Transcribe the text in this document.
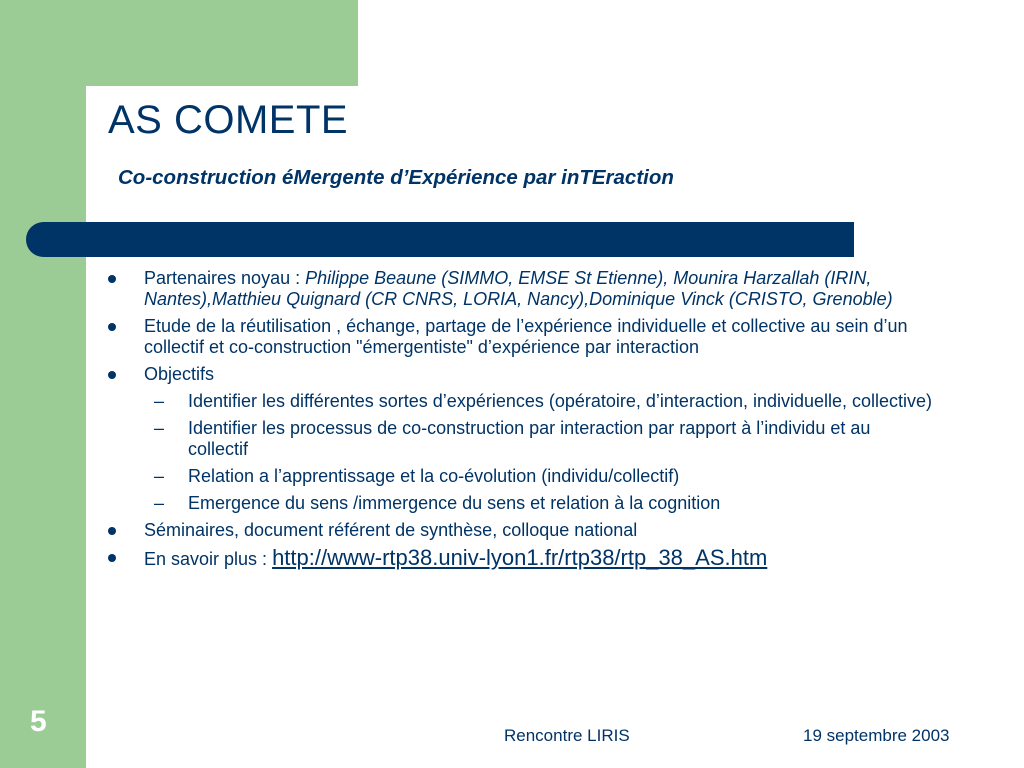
AS COMETE
Co-construction éMergente d’Expérience par inTEraction
Partenaires noyau : Philippe Beaune (SIMMO, EMSE St Etienne), Mounira Harzallah (IRIN, Nantes),Matthieu Quignard (CR CNRS, LORIA, Nancy),Dominique Vinck (CRISTO, Grenoble)
Etude de la réutilisation , échange, partage de l’expérience individuelle et collective au sein d’un collectif et co-construction "émergentiste" d’expérience par interaction
Objectifs
– Identifier les différentes sortes d’expériences (opératoire, d’interaction, individuelle, collective)
– Identifier les processus de co-construction par interaction par rapport à l’individu et au collectif
– Relation a l’apprentissage et la co-évolution (individu/collectif)
– Emergence du sens /immergence du sens et relation à la cognition
Séminaires, document référent de synthèse, colloque national
En savoir plus : http://www-rtp38.univ-lyon1.fr/rtp38/rtp_38_AS.htm
5	Rencontre LIRIS	19 septembre 2003
